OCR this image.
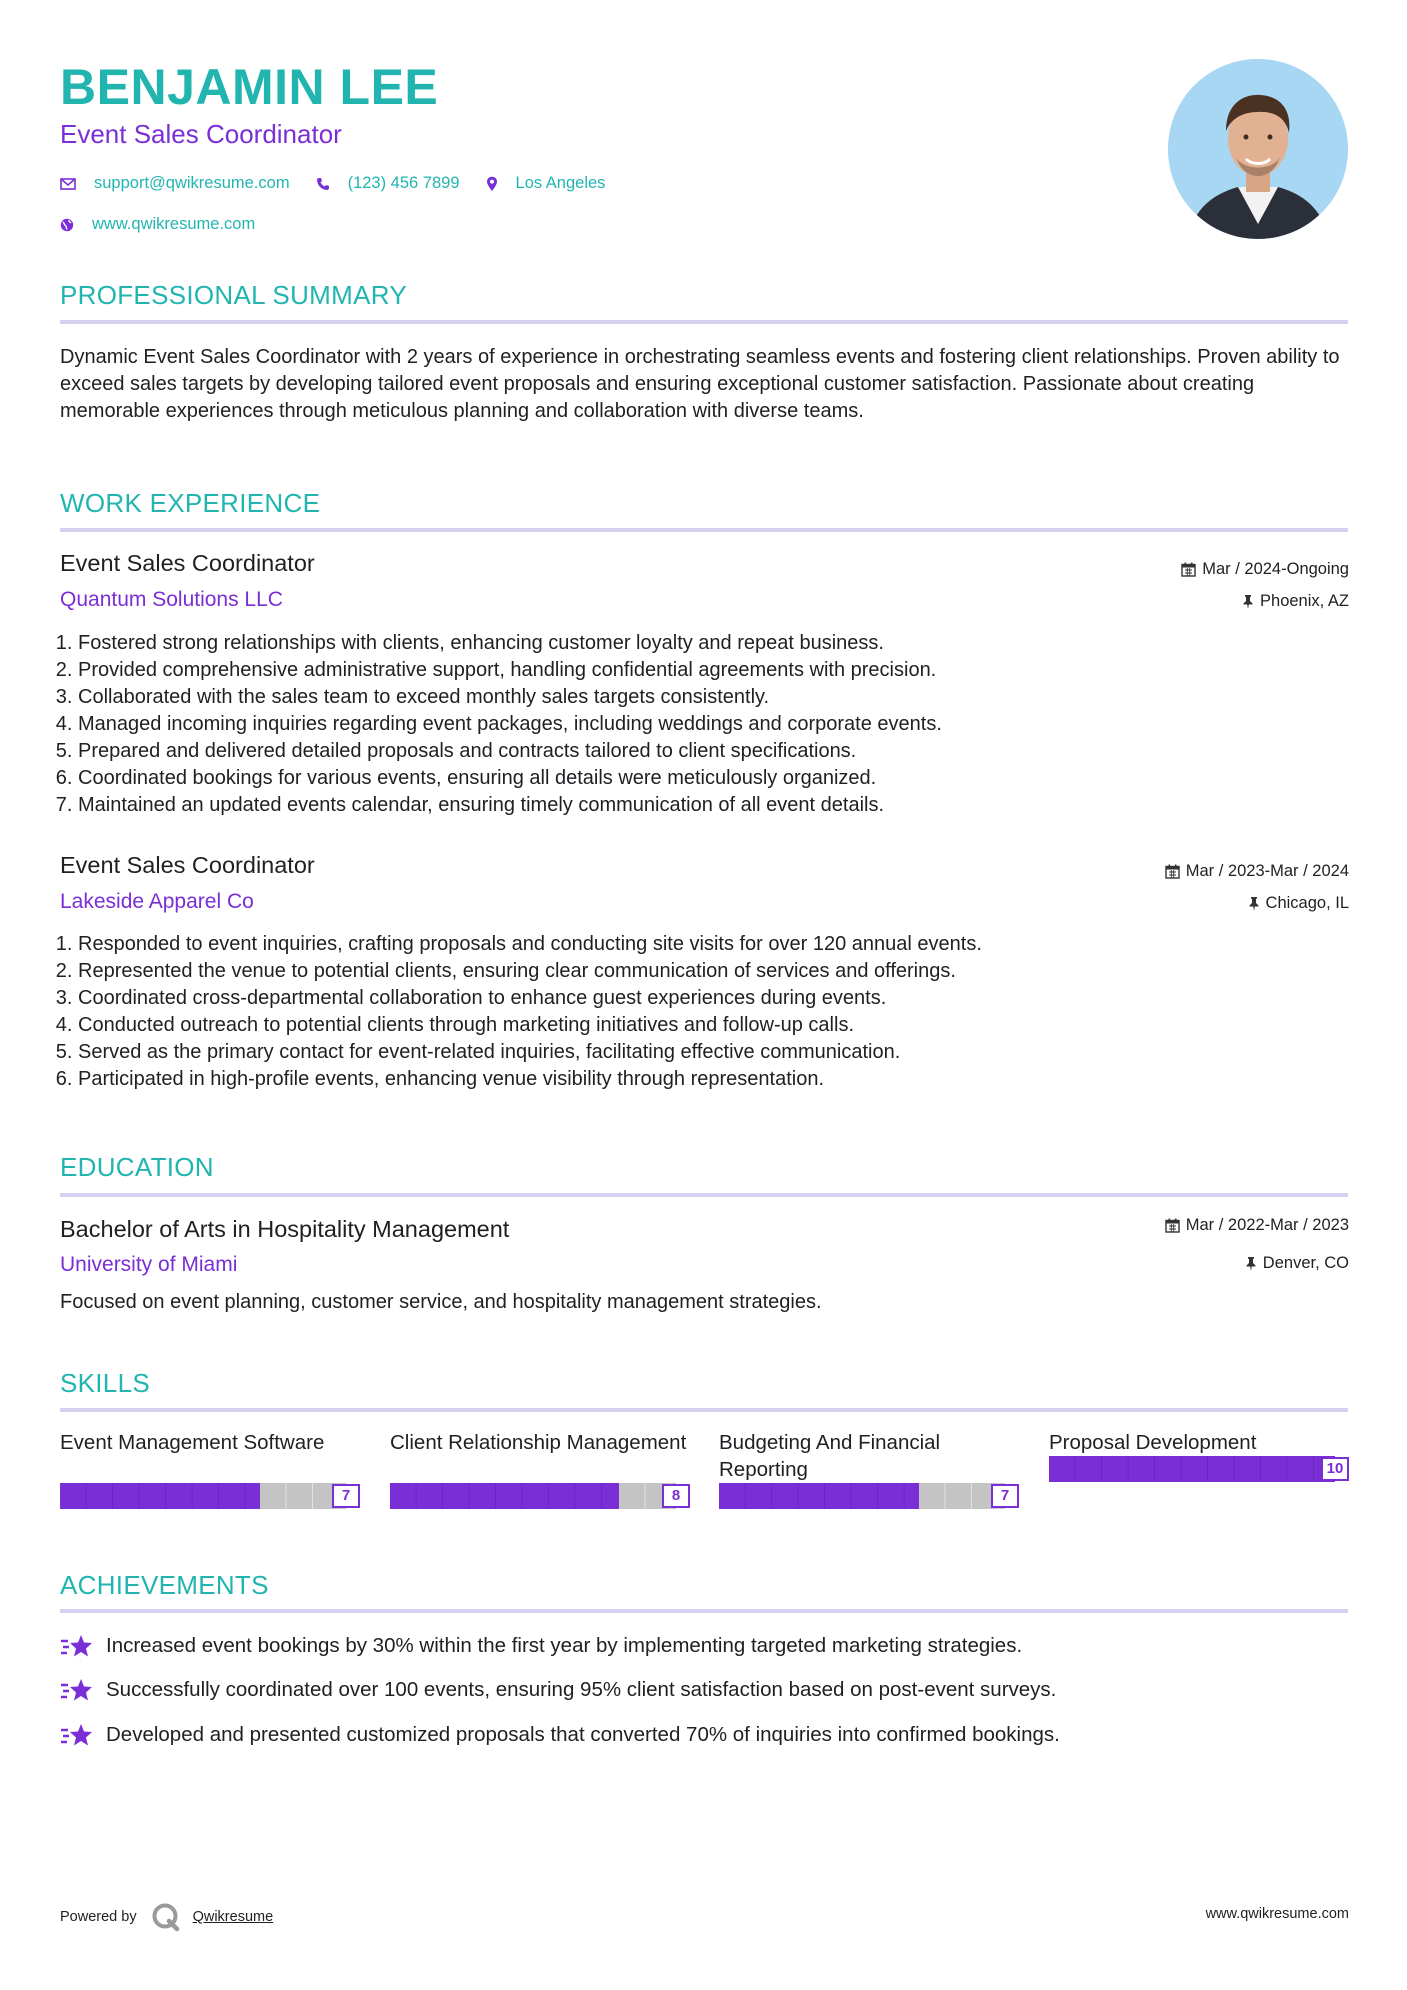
BENJAMIN LEE
Event Sales Coordinator
support@qwikresume.com	(123) 456 7899	Los Angeles
www.qwikresume.com
PROFESSIONAL SUMMARY
Dynamic Event Sales Coordinator with 2 years of experience in orchestrating seamless events and fostering client relationships. Proven ability to exceed sales targets by developing tailored event proposals and ensuring exceptional customer satisfaction. Passionate about creating memorable experiences through meticulous planning and collaboration with diverse teams.
WORK EXPERIENCE
Event Sales Coordinator	Mar / 2024-Ongoing
Quantum Solutions LLC	Phoenix, AZ
1. Fostered strong relationships with clients, enhancing customer loyalty and repeat business.
2. Provided comprehensive administrative support, handling confidential agreements with precision.
3. Collaborated with the sales team to exceed monthly sales targets consistently.
4. Managed incoming inquiries regarding event packages, including weddings and corporate events.
5. Prepared and delivered detailed proposals and contracts tailored to client specifications.
6. Coordinated bookings for various events, ensuring all details were meticulously organized.
7. Maintained an updated events calendar, ensuring timely communication of all event details.
Event Sales Coordinator	Mar / 2023-Mar / 2024
Lakeside Apparel Co	Chicago, IL
1. Responded to event inquiries, crafting proposals and conducting site visits for over 120 annual events.
2. Represented the venue to potential clients, ensuring clear communication of services and offerings.
3. Coordinated cross-departmental collaboration to enhance guest experiences during events.
4. Conducted outreach to potential clients through marketing initiatives and follow-up calls.
5. Served as the primary contact for event-related inquiries, facilitating effective communication.
6. Participated in high-profile events, enhancing venue visibility through representation.
EDUCATION
Bachelor of Arts in Hospitality Management	Mar / 2022-Mar / 2023
University of Miami	Denver, CO
Focused on event planning, customer service, and hospitality management strategies.
SKILLS
Event Management Software
7
Client Relationship Management
8
Budgeting And Financial Reporting
7
Proposal Development
10
ACHIEVEMENTS
Increased event bookings by 30% within the first year by implementing targeted marketing strategies.
Successfully coordinated over 100 events, ensuring 95% client satisfaction based on post-event surveys.
Developed and presented customized proposals that converted 70% of inquiries into confirmed bookings.
Powered by	Qwikresume	www.qwikresume.com
